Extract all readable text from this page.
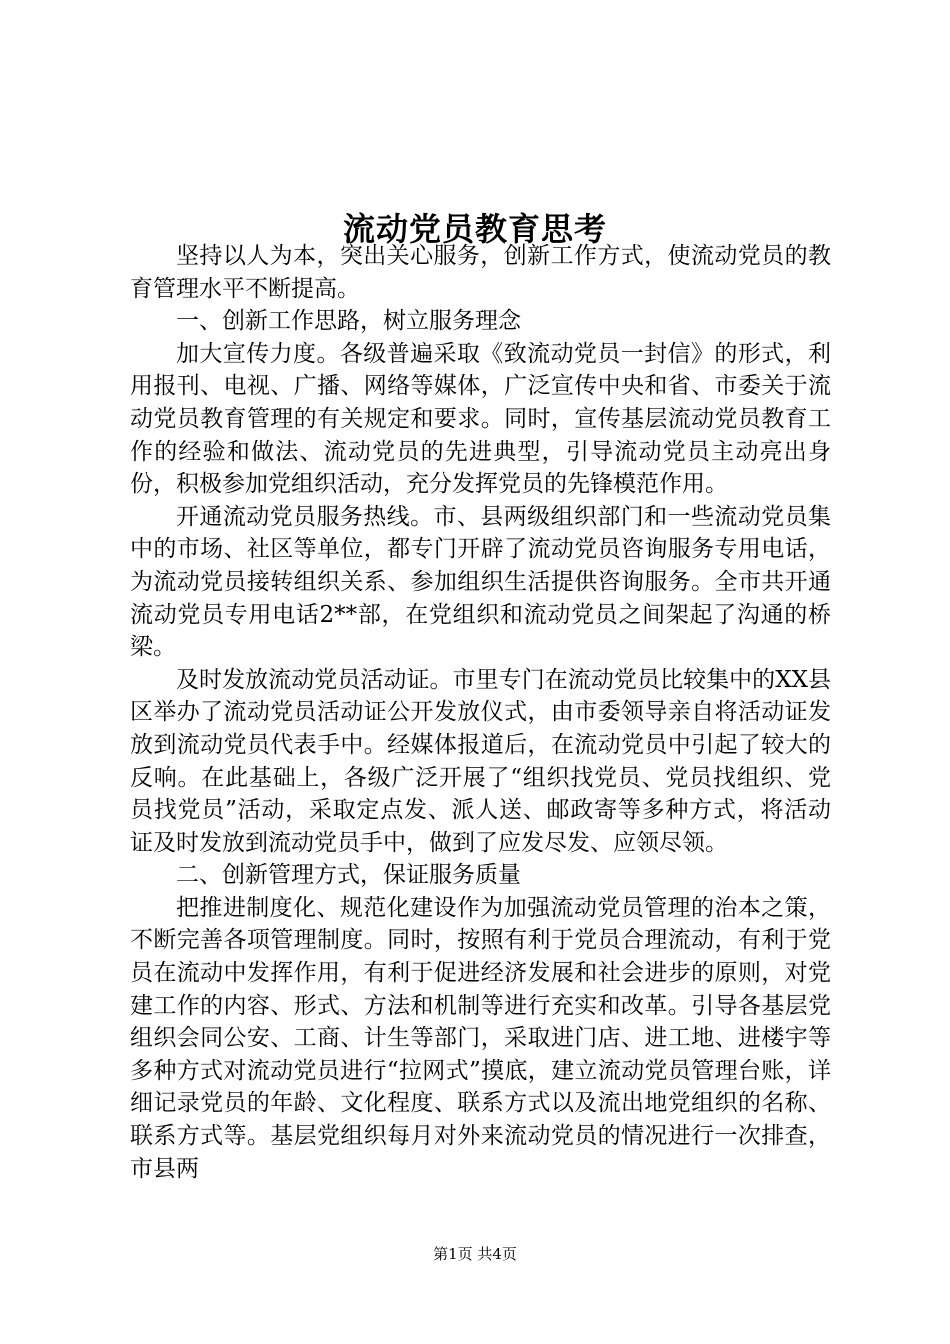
流动党员教育思考

坚持以人为本，突出关心服务，创新工作方式，使流动党员的教育管理水平不断提高。

一、创新工作思路，树立服务理念

加大宣传力度。各级普遍采取《致流动党员一封信》的形式，利用报刊、电视、广播、网络等媒体，广泛宣传中央和省、市委关于流动党员教育管理的有关规定和要求。同时，宣传基层流动党员教育工作的经验和做法、流动党员的先进典型，引导流动党员主动亮出身份，积极参加党组织活动，充分发挥党员的先锋模范作用。

开通流动党员服务热线。市、县两级组织部门和一些流动党员集中的市场、社区等单位，都专门开辟了流动党员咨询服务专用电话，为流动党员接转组织关系、参加组织生活提供咨询服务。全市共开通流动党员专用电话2**部，在党组织和流动党员之间架起了沟通的桥梁。

及时发放流动党员活动证。市里专门在流动党员比较集中的XX县区举办了流动党员活动证公开发放仪式，由市委领导亲自将活动证发放到流动党员代表手中。经媒体报道后，在流动党员中引起了较大的反响。在此基础上，各级广泛开展了“组织找党员、党员找组织、党员找党员”活动，采取定点发、派人送、邮政寄等多种方式，将活动证及时发放到流动党员手中，做到了应发尽发、应领尽领。

二、创新管理方式，保证服务质量

把推进制度化、规范化建设作为加强流动党员管理的治本之策，不断完善各项管理制度。同时，按照有利于党员合理流动，有利于党员在流动中发挥作用，有利于促进经济发展和社会进步的原则，对党建工作的内容、形式、方法和机制等进行充实和改革。引导各基层党组织会同公安、工商、计生等部门，采取进门店、进工地、进楼宇等多种方式对流动党员进行“拉网式”摸底，建立流动党员管理台账，详细记录党员的年龄、文化程度、联系方式以及流出地党组织的名称、联系方式等。基层党组织每月对外来流动党员的情况进行一次排查，市县两

第1页 共4页
